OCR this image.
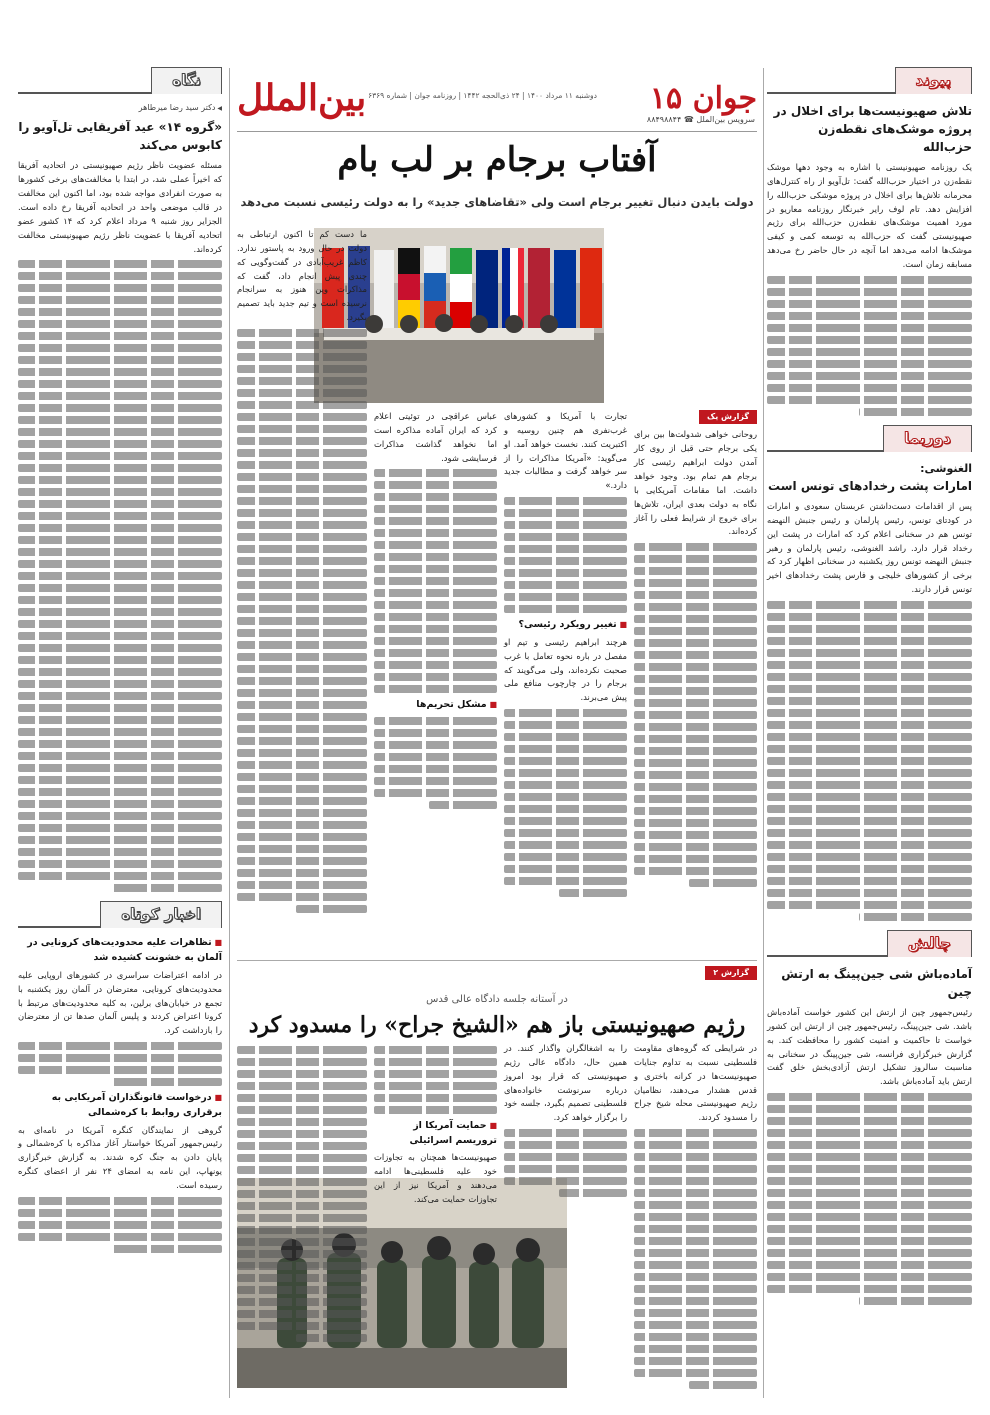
جوان ۱۵
سرویس بین‌الملل ☎ ۸۸۴۹۸۸۴۴
بین‌الملل دوشنبه ۱۱ مرداد ۱۴۰۰ | ۲۴ ذی‌الحجه ۱۴۴۲ | روزنامه جوان | شماره ۶۳۶۹
آفتاب برجام بر لب بام
دولت بایدن دنبال تغییر برجام است ولی «تقاضاهای جدید» را به دولت رئیسی نسبت می‌دهد
پیوند
تلاش صهیونیست‌ها برای اخلال در پروژه موشک‌های نقطه‌زن حزب‌الله

یک روزنامه صهیونیستی با اشاره به وجود دهها موشک نقطه‌زن در اختیار حزب‌الله گفت: تل‌آویو از راه کنترل‌های محرمانه تلاش‌ها برای اخلال در پروژه موشکی حزب‌الله را افزایش دهد. تام لوف رایر خبرنگار روزنامه معاریو در مورد اهمیت موشک‌های نقطه‌زن حزب‌الله برای رژیم صهیونیستی گفت که حزب‌الله به توسعه کمی و کیفی موشک‌ها ادامه می‌دهد اما آنچه در حال حاضر رخ می‌دهد مسابقه زمان است.

دوربما
الغنوشی:
امارات پشت رخدادهای تونس است

پس از اقدامات دست‌داشتن عربستان سعودی و امارات در کودتای تونس، رئیس پارلمان و رئیس جنبش النهضه تونس هم در سخنانی اعلام کرد که امارات در پشت این رخداد قرار دارد. راشد الغنوشی، رئیس پارلمان و رهبر جنبش النهضه تونس روز یکشنبه در سخنانی اظهار کرد که برخی از کشورهای خلیجی و فارس پشت رخدادهای اخیر تونس قرار دارند.

چالش
آماده‌باش شی جین‌پینگ به ارتش چین

رئیس‌جمهور چین از ارتش این کشور خواست آماده‌باش باشد. شی جین‌پینگ، رئیس‌جمهور چین از ارتش این کشور خواست تا حاکمیت و امنیت کشور را محافظت کند. به گزارش خبرگزاری فرانسه، شی جین‌پینگ در سخنانی به مناسبت سالروز تشکیل ارتش آزادی‌بخش خلق گفت ارتش باید آماده‌باش باشد.

گزارش یک

روحانی خواهی شدولت‌ها بین برای یکی برجام حتی قبل از روی کار آمدن دولت ابراهیم رئیسی کار برجام هم تمام بود. وجود خواهد داشت. اما مقامات آمریکایی با نگاه به دولت بعدی ایران، تلاش‌ها برای خروج از شرایط فعلی را آغاز کرده‌اند.

تجارت با آمریکا و کشورهای غرب‌نفری هم چنین روسیه و اکتبریت کنند. نخست خواهد آمد. او می‌گوید: «آمریکا مذاکرات را از سر خواهد گرفت و مطالبات جدید دارد.»

■ تغییر رویکرد رئیسی؟

هرچند ابراهیم رئیسی و تیم او مفصل در باره نحوه تعامل با غرب صحبت نکرده‌اند، ولی می‌گویند که برجام را در چارچوب منافع ملی پیش می‌برند.

عباس عراقچی در توئیتی اعلام کرد که ایران آماده مذاکره است اما نخواهد گذاشت مذاکرات فرسایشی شود.

■ مشکل تحریم‌ها

ما دست کم تا اکنون ارتباطی به دولت در حال ورود به پاستور ندارد. کاظم غریب‌آبادی در گفت‌وگویی که چندی پیش انجام داد، گفت که مذاکرات وین هنوز به سرانجام نرسیده است و تیم جدید باید تصمیم بگیرد.

گزارش ۲
در آستانه جلسه دادگاه عالی قدس
رژیم صهیونیستی باز هم «الشیخ جراح» را مسدود کرد

در شرایطی که گروه‌های مقاومت فلسطینی نسبت به تداوم جنایات صهیونیست‌ها در کرانه باختری و قدس هشدار می‌دهند، نظامیان رژیم صهیونیستی محله شیخ جراح را مسدود کردند.

را به اشغالگران واگذار کنند. در همین حال، دادگاه عالی رژیم صهیونیستی که قرار بود امروز درباره سرنوشت خانواده‌های فلسطینی تصمیم بگیرد، جلسه خود را برگزار خواهد کرد.

■ حمایت آمریکا از تروریسم اسرائیلی

صهیونیست‌ها همچنان به تجاوزات خود علیه فلسطینی‌ها ادامه می‌دهند و آمریکا نیز از این تجاوزات حمایت می‌کند.

نگاه
◀ دکتر سید رضا میرطاهر
«گروه ۱۴» عید آفریقایی تل‌آویو را کابوس می‌کند

مسئله عضویت ناظر رژیم صهیونیستی در اتحادیه آفریقا که اخیراً عملی شد، در ابتدا با مخالفت‌های برخی کشورها به صورت انفرادی مواجه شده بود، اما اکنون این مخالفت در قالب موضعی واحد در اتحادیه آفریقا رخ داده است. الجزایر روز شنبه ۹ مرداد اعلام کرد که ۱۴ کشور عضو اتحادیه آفریقا با عضویت ناظر رژیم صهیونیستی مخالفت کرده‌اند.

اخبار کوتاه
■ تظاهرات علیه محدودیت‌های کرونایی در آلمان به خشونت کشیده شد

در ادامه اعتراضات سراسری در کشورهای اروپایی علیه محدودیت‌های کرونایی، معترضان در آلمان روز یکشنبه با تجمع در خیابان‌های برلین، به کلیه محدودیت‌های مرتبط با کرونا اعتراض کردند و پلیس آلمان صدها تن از معترضان را بازداشت کرد.

■ درخواست قانونگذاران آمریکایی به برقراری روابط با کره‌شمالی

گروهی از نمایندگان کنگره آمریکا در نامه‌ای به رئیس‌جمهور آمریکا خواستار آغاز مذاکره با کره‌شمالی و پایان دادن به جنگ کره شدند. به گزارش خبرگزاری یونهاپ، این نامه به امضای ۲۴ نفر از اعضای کنگره رسیده است.
